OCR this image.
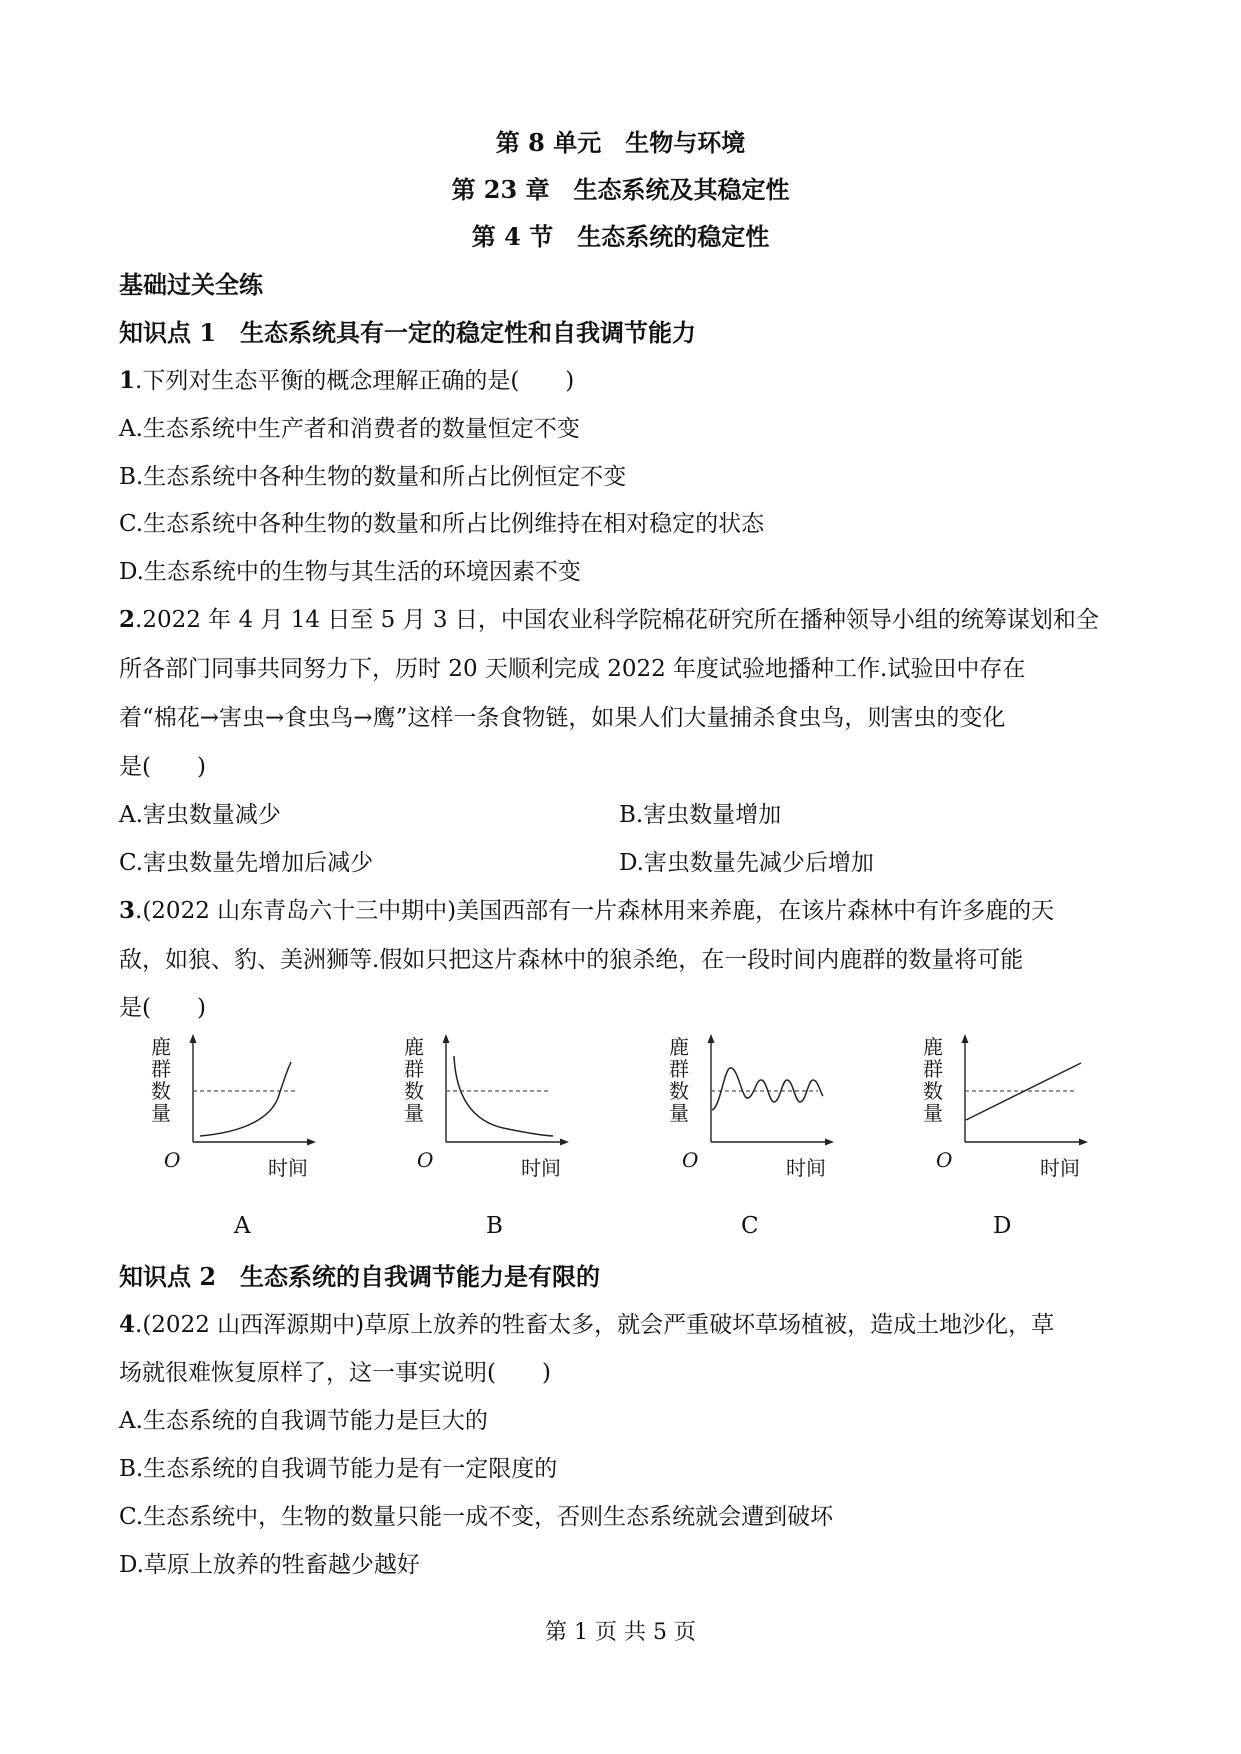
第 8 单元　生物与环境
第 23 章　生态系统及其稳定性
第 4 节　生态系统的稳定性
基础过关全练
知识点 1　生态系统具有一定的稳定性和自我调节能力
1.下列对生态平衡的概念理解正确的是(　　)
A.生态系统中生产者和消费者的数量恒定不变
B.生态系统中各种生物的数量和所占比例恒定不变
C.生态系统中各种生物的数量和所占比例维持在相对稳定的状态
D.生态系统中的生物与其生活的环境因素不变
2.2022 年 4 月 14 日至 5 月 3 日，中国农业科学院棉花研究所在播种领导小组的统筹谋划和全
所各部门同事共同努力下，历时 20 天顺利完成 2022 年度试验地播种工作.试验田中存在
着“棉花→害虫→食虫鸟→鹰”这样一条食物链，如果人们大量捕杀食虫鸟，则害虫的变化
是(　　)
A.害虫数量减少	B.害虫数量增加
C.害虫数量先增加后减少	D.害虫数量先减少后增加
3.(2022 山东青岛六十三中期中)美国西部有一片森林用来养鹿，在该片森林中有许多鹿的天
敌，如狼、豹、美洲狮等.假如只把这片森林中的狼杀绝，在一段时间内鹿群的数量将可能
是(　　)
鹿群数量
O	时间
鹿群数量
O	时间
鹿群数量
O	时间
鹿群数量
O	时间
A	B	C	D
知识点 2　生态系统的自我调节能力是有限的
4.(2022 山西浑源期中)草原上放养的牲畜太多，就会严重破坏草场植被，造成土地沙化，草
场就很难恢复原样了，这一事实说明(　　)
A.生态系统的自我调节能力是巨大的
B.生态系统的自我调节能力是有一定限度的
C.生态系统中，生物的数量只能一成不变，否则生态系统就会遭到破坏
D.草原上放养的牲畜越少越好
第 1 页 共 5 页
